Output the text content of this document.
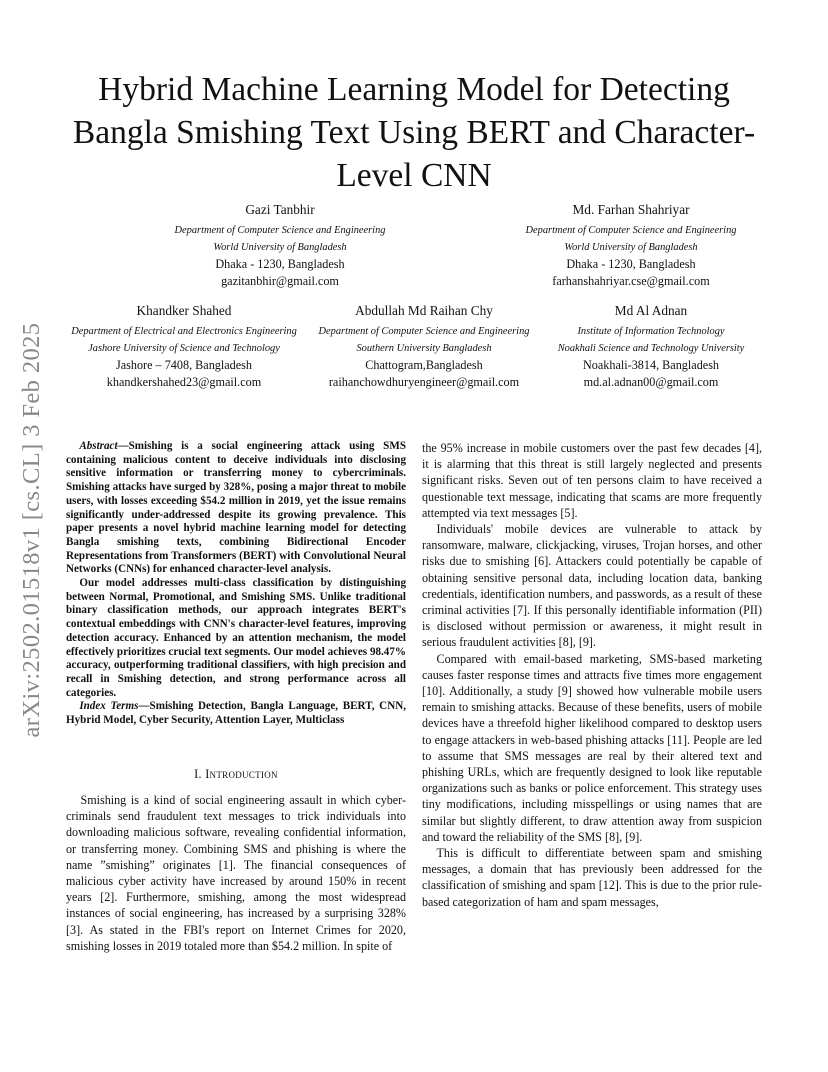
arXiv:2502.01518v1 [cs.CL] 3 Feb 2025
Hybrid Machine Learning Model for Detecting Bangla Smishing Text Using BERT and Character-Level CNN
Gazi Tanbhir
Department of Computer Science and Engineering
World University of Bangladesh
Dhaka - 1230, Bangladesh
gazitanbhir@gmail.com
Md. Farhan Shahriyar
Department of Computer Science and Engineering
World University of Bangladesh
Dhaka - 1230, Bangladesh
farhanshahriyar.cse@gmail.com
Khandker Shahed
Department of Electrical and Electronics Engineering
Jashore University of Science and Technology
Jashore – 7408, Bangladesh
khandkershahed23@gmail.com
Abdullah Md Raihan Chy
Department of Computer Science and Engineering
Southern University Bangladesh
Chattogram,Bangladesh
raihanchowdhuryengineer@gmail.com
Md Al Adnan
Institute of Information Technology
Noakhali Science and Technology University
Noakhali-3814, Bangladesh
md.al.adnan00@gmail.com

Abstract—Smishing is a social engineering attack using SMS containing malicious content to deceive individuals into disclosing sensitive information or transferring money to cybercriminals. Smishing attacks have surged by 328%, posing a major threat to mobile users, with losses exceeding $54.2 million in 2019, yet the issue remains significantly under-addressed despite its growing prevalence. This paper presents a novel hybrid machine learning model for detecting Bangla smishing texts, combining Bidirectional Encoder Representations from Transformers (BERT) with Convolutional Neural Networks (CNNs) for enhanced character-level analysis.

Our model addresses multi-class classification by distinguishing between Normal, Promotional, and Smishing SMS. Unlike traditional binary classification methods, our approach integrates BERT's contextual embeddings with CNN's character-level features, improving detection accuracy. Enhanced by an attention mechanism, the model effectively prioritizes crucial text segments. Our model achieves 98.47% accuracy, outperforming traditional classifiers, with high precision and recall in Smishing detection, and strong performance across all categories.

Index Terms—Smishing Detection, Bangla Language, BERT, CNN, Hybrid Model, Cyber Security, Attention Layer, Multiclass

I. Introduction

Smishing is a kind of social engineering assault in which cyber-criminals send fraudulent text messages to trick individuals into downloading malicious software, revealing confidential information, or transferring money. Combining SMS and phishing is where the name ”smishing” originates [1]. The financial consequences of malicious cyber activity have increased by around 150% in recent years [2]. Furthermore, smishing, among the most widespread instances of social engineering, has increased by a surprising 328% [3]. As stated in the FBI's report on Internet Crimes for 2020, smishing losses in 2019 totaled more than $54.2 million. In spite of

the 95% increase in mobile customers over the past few decades [4], it is alarming that this threat is still largely neglected and presents significant risks. Seven out of ten persons claim to have received a questionable text message, indicating that scams are more frequently attempted via text messages [5].

Individuals' mobile devices are vulnerable to attack by ransomware, malware, clickjacking, viruses, Trojan horses, and other risks due to smishing [6]. Attackers could potentially be capable of obtaining sensitive personal data, including location data, banking credentials, identification numbers, and passwords, as a result of these criminal activities [7]. If this personally identifiable information (PII) is disclosed without permission or awareness, it might result in serious fraudulent activities [8], [9].

Compared with email-based marketing, SMS-based marketing causes faster response times and attracts five times more engagement [10]. Additionally, a study [9] showed how vulnerable mobile users remain to smishing attacks. Because of these benefits, users of mobile devices have a threefold higher likelihood compared to desktop users to engage attackers in web-based phishing attacks [11]. People are led to assume that SMS messages are real by their altered text and phishing URLs, which are frequently designed to look like reputable organizations such as banks or police enforcement. This strategy uses tiny modifications, including misspellings or using names that are similar but slightly different, to draw attention away from suspicion and toward the reliability of the SMS [8], [9].

This is difficult to differentiate between spam and smishing messages, a domain that has previously been addressed for the classification of smishing and spam [12]. This is due to the prior rule-based categorization of ham and spam messages,
